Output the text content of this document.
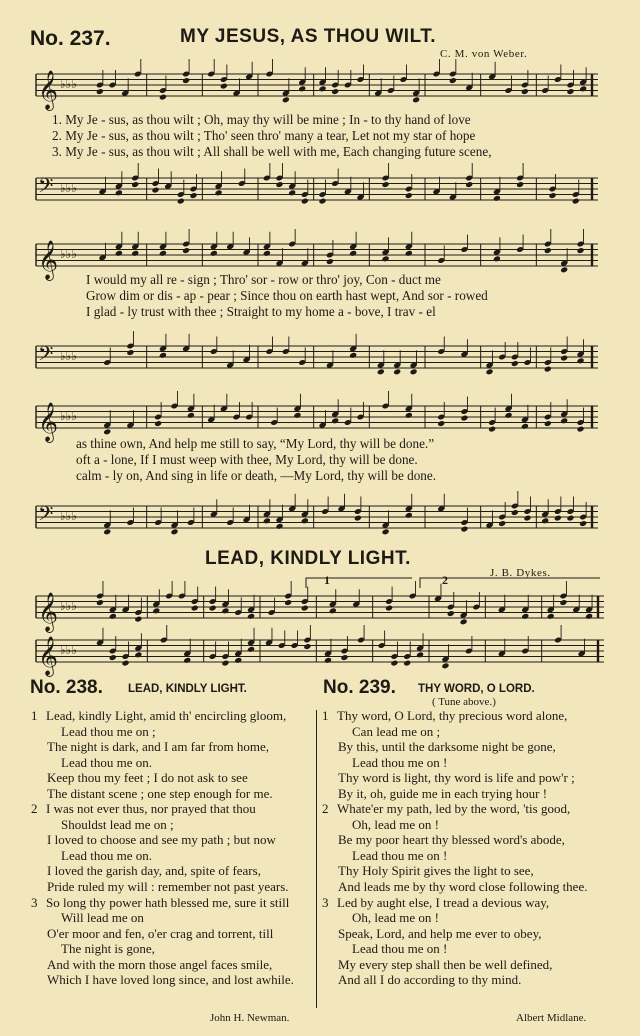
No. 237.	MY JESUS, AS THOU WILT.
C. M. von Weber.
𝄞 ♭♭♭
1. My Je - sus, as thou wilt ; Oh, may thy will be mine ; In - to thy hand of love
2. My Je - sus, as thou wilt ; Tho' seen thro' many a tear, Let not my star of hope
3. My Je - sus, as thou wilt ; All shall be well with me, Each changing future scene,
𝄢 ♭♭♭
𝄞 ♭♭♭
I would my all re - sign ; Thro' sor - row or thro' joy, Con - duct me
Grow dim or dis - ap - pear ; Since thou on earth hast wept, And sor - rowed
I glad - ly trust with thee ; Straight to my home a - bove, I trav - el
𝄢 ♭♭♭
𝄞 ♭♭♭
as thine own, And help me still to say, “My Lord, thy will be done.”
oft a - lone, If I must weep with thee, My Lord, thy will be done.
calm - ly on, And sing in life or death, —My Lord, thy will be done.
𝄢 ♭♭♭
LEAD, KINDLY LIGHT.
J. B. Dykes.
1	2
𝄞 ♭♭♭
𝄞 ♭♭♭
No. 238. LEAD, KINDLY LIGHT.
1 Lead, kindly Light, amid th' encircling gloom,
Lead thou me on ;
The night is dark, and I am far from home,
Lead thou me on.
Keep thou my feet ; I do not ask to see
The distant scene ; one step enough for me.
2 I was not ever thus, nor prayed that thou
Shouldst lead me on ;
I loved to choose and see my path ; but now
Lead thou me on.
I loved the garish day, and, spite of fears,
Pride ruled my will : remember not past years.
3 So long thy power hath blessed me, sure it still
Will lead me on
O'er moor and fen, o'er crag and torrent, till
The night is gone,
And with the morn those angel faces smile,
Which I have loved long since, and lost awhile.
John H. Newman.
No. 239. THY WORD, O LORD.
( Tune above.)
1 Thy word, O Lord, thy precious word alone,
Can lead me on ;
By this, until the darksome night be gone,
Lead thou me on !
Thy word is light, thy word is life and pow'r ;
By it, oh, guide me in each trying hour !
2 Whate'er my path, led by the word, 'tis good,
Oh, lead me on !
Be my poor heart thy blessed word's abode,
Lead thou me on !
Thy Holy Spirit gives the light to see,
And leads me by thy word close following thee.
3 Led by aught else, I tread a devious way,
Oh, lead me on !
Speak, Lord, and help me ever to obey,
Lead thou me on !
My every step shall then be well defined,
And all I do according to thy mind.
Albert Midlane.
